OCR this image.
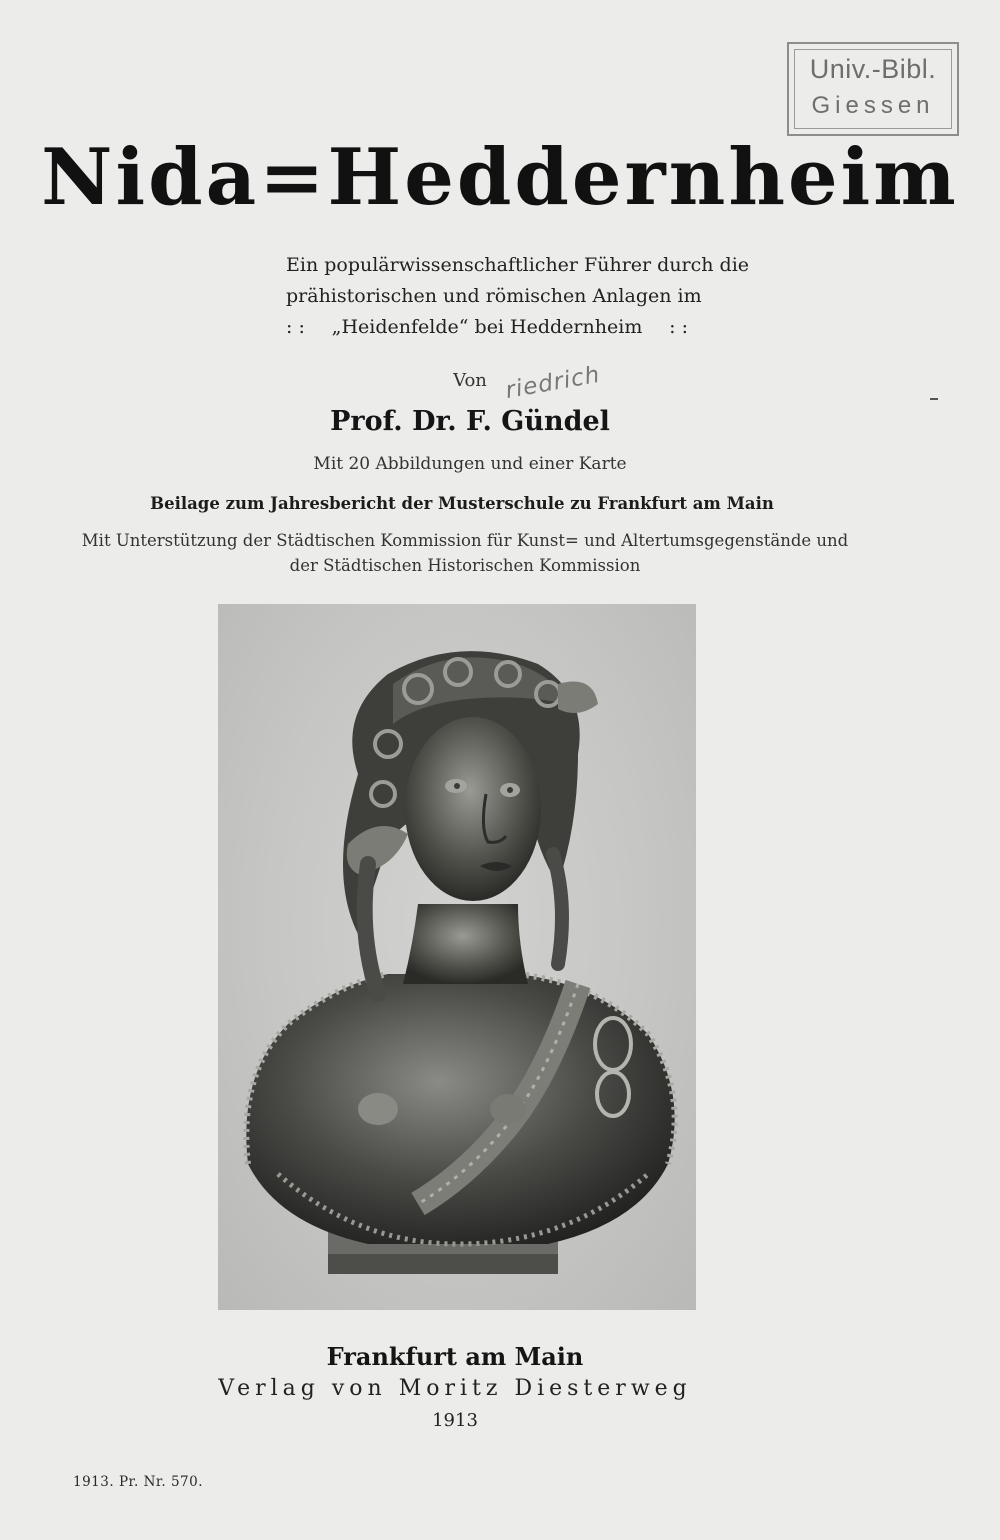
Univ.-Bibl.
Giessen
Nida=Heddernheim
Ein populärwissenschaftlicher Führer durch die
prähistorischen und römischen Anlagen im
: : „Heidenfelde“ bei Heddernheim : :
Von riedrich
Prof. Dr. F. Gündel
Mit 20 Abbildungen und einer Karte
Beilage zum Jahresbericht der Musterschule zu Frankfurt am Main
Mit Unterstützung der Städtischen Kommission für Kunst= und Altertumsgegenstände und
der Städtischen Historischen Kommission
Frankfurt am Main
Verlag von Moritz Diesterweg
1913
1913. Pr. Nr. 570.
